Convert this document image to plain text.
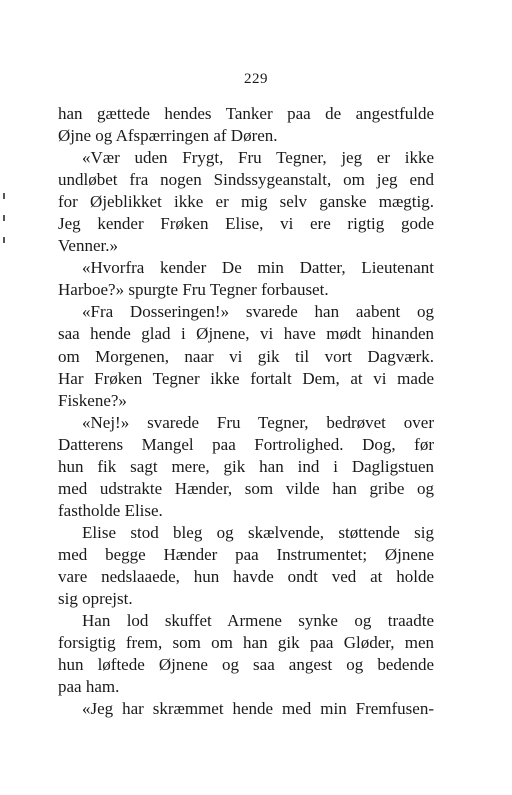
229
han gættede hendes Tanker paa de angestfulde
Øjne og Afspærringen af Døren.
«Vær uden Frygt, Fru Tegner, jeg er ikke
undløbet fra nogen Sindssygeanstalt, om jeg end
for Øjeblikket ikke er mig selv ganske mægtig.
Jeg kender Frøken Elise, vi ere rigtig gode
Venner.»
«Hvorfra kender De min Datter, Lieutenant
Harboe?» spurgte Fru Tegner forbauset.
«Fra Dosseringen!» svarede han aabent og
saa hende glad i Øjnene, vi have mødt hinanden
om Morgenen, naar vi gik til vort Dagværk.
Har Frøken Tegner ikke fortalt Dem, at vi made
Fiskene?»
«Nej!» svarede Fru Tegner, bedrøvet over
Datterens Mangel paa Fortrolighed. Dog, før
hun fik sagt mere, gik han ind i Dagligstuen
med udstrakte Hænder, som vilde han gribe og
fastholde Elise.
Elise stod bleg og skælvende, støttende sig
med begge Hænder paa Instrumentet; Øjnene
vare nedslaaede, hun havde ondt ved at holde
sig oprejst.
Han lod skuffet Armene synke og traadte
forsigtig frem, som om han gik paa Gløder, men
hun løftede Øjnene og saa angest og bedende
paa ham.
«Jeg har skræmmet hende med min Fremfusen-
